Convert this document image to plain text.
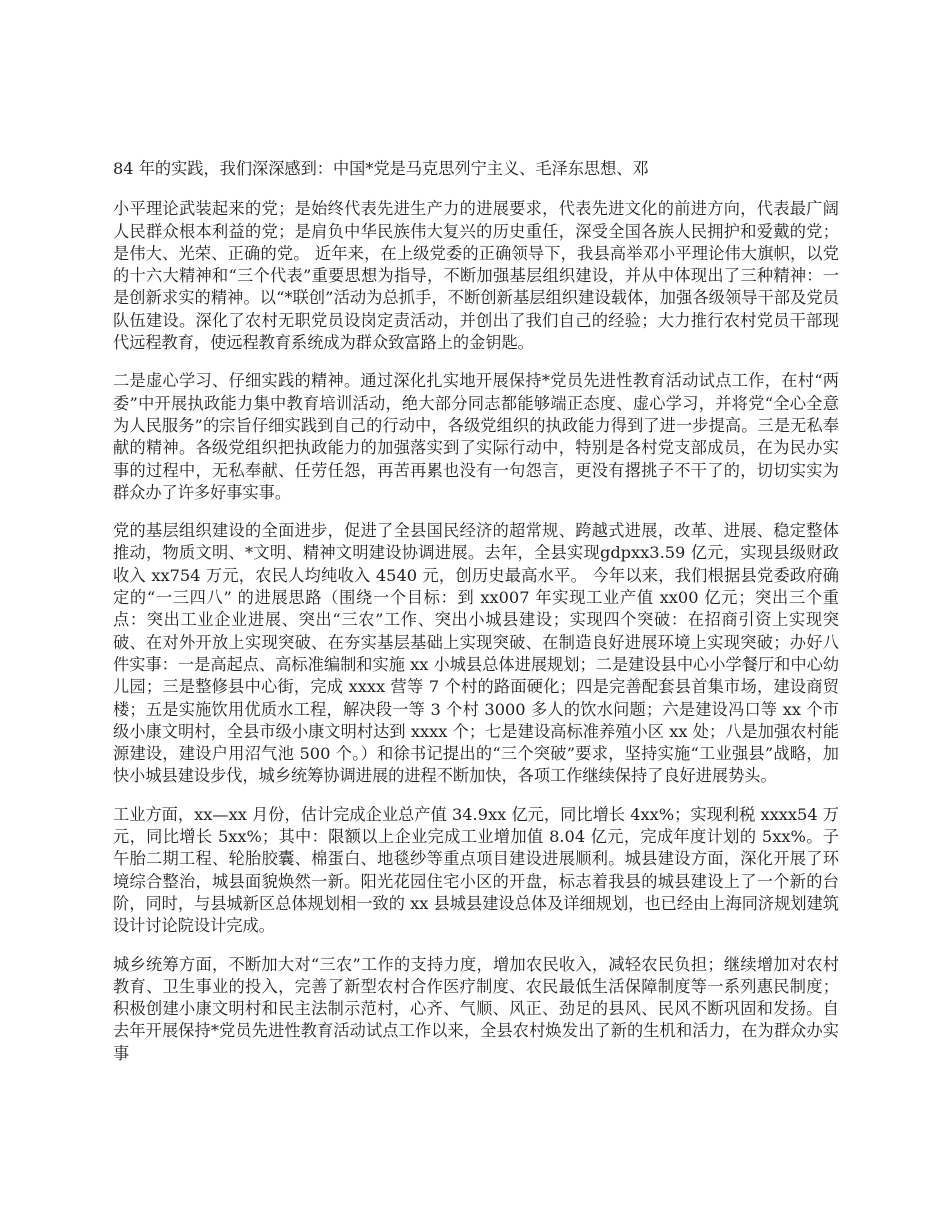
84 年的实践，我们深深感到：中国*党是马克思列宁主义、毛泽东思想、邓

小平理论武装起来的党；是始终代表先进生产力的进展要求，代表先进文化的前进方向，代表最广阔人民群众根本利益的党；是肩负中华民族伟大复兴的历史重任，深受全国各族人民拥护和爱戴的党；是伟大、光荣、正确的党。 近年来，在上级党委的正确领导下，我县高举邓小平理论伟大旗帜，以党的十六大精神和“三个代表”重要思想为指导，不断加强基层组织建设，并从中体现出了三种精神：一是创新求实的精神。以“*联创”活动为总抓手，不断创新基层组织建设载体，加强各级领导干部及党员队伍建设。深化了农村无职党员设岗定责活动，并创出了我们自己的经验；大力推行农村党员干部现代远程教育，使远程教育系统成为群众致富路上的金钥匙。

二是虚心学习、仔细实践的精神。通过深化扎实地开展保持*党员先进性教育活动试点工作，在村“两委”中开展执政能力集中教育培训活动，绝大部分同志都能够端正态度、虚心学习，并将党“全心全意为人民服务”的宗旨仔细实践到自己的行动中，各级党组织的执政能力得到了进一步提高。三是无私奉献的精神。各级党组织把执政能力的加强落实到了实际行动中，特别是各村党支部成员，在为民办实事的过程中，无私奉献、任劳任怨，再苦再累也没有一句怨言，更没有撂挑子不干了的，切切实实为群众办了许多好事实事。

党的基层组织建设的全面进步，促进了全县国民经济的超常规、跨越式进展，改革、进展、稳定整体推动，物质文明、*文明、精神文明建设协调进展。去年，全县实现gdpxx3.59 亿元，实现县级财政收入 xx754 万元，农民人均纯收入 4540 元，创历史最高水平。 今年以来，我们根据县党委政府确定的“一三四八” 的进展思路（围绕一个目标：到 xx007 年实现工业产值 xx00 亿元；突出三个重点：突出工业企业进展、突出“三农”工作、突出小城县建设；实现四个突破：在招商引资上实现突破、在对外开放上实现突破、在夯实基层基础上实现突破、在制造良好进展环境上实现突破；办好八件实事：一是高起点、高标准编制和实施 xx 小城县总体进展规划；二是建设县中心小学餐厅和中心幼儿园；三是整修县中心街，完成 xxxx 营等 7 个村的路面硬化；四是完善配套县首集市场，建设商贸楼；五是实施饮用优质水工程，解决段一等 3 个村 3000 多人的饮水问题；六是建设冯口等 xx 个市级小康文明村，全县市级小康文明村达到 xxxx 个；七是建设高标准养殖小区 xx 处；八是加强农村能源建设，建设户用沼气池 500 个。）和徐书记提出的“三个突破”要求，坚持实施“工业强县”战略，加快小城县建设步伐，城乡统筹协调进展的进程不断加快，各项工作继续保持了良好进展势头。

工业方面，xx—xx 月份，估计完成企业总产值 34.9xx 亿元，同比增长 4xx%；实现利税 xxxx54 万元，同比增长 5xx%；其中：限额以上企业完成工业增加值 8.04 亿元，完成年度计划的 5xx%。子午胎二期工程、轮胎胶囊、棉蛋白、地毯纱等重点项目建设进展顺利。城县建设方面，深化开展了环境综合整治，城县面貌焕然一新。阳光花园住宅小区的开盘，标志着我县的城县建设上了一个新的台阶，同时，与县城新区总体规划相一致的 xx 县城县建设总体及详细规划，也已经由上海同济规划建筑设计讨论院设计完成。

城乡统筹方面，不断加大对“三农”工作的支持力度，增加农民收入，减轻农民负担；继续增加对农村教育、卫生事业的投入，完善了新型农村合作医疗制度、农民最低生活保障制度等一系列惠民制度；积极创建小康文明村和民主法制示范村，心齐、气顺、风正、劲足的县风、民风不断巩固和发扬。自去年开展保持*党员先进性教育活动试点工作以来，全县农村焕发出了新的生机和活力，在为群众办实事
